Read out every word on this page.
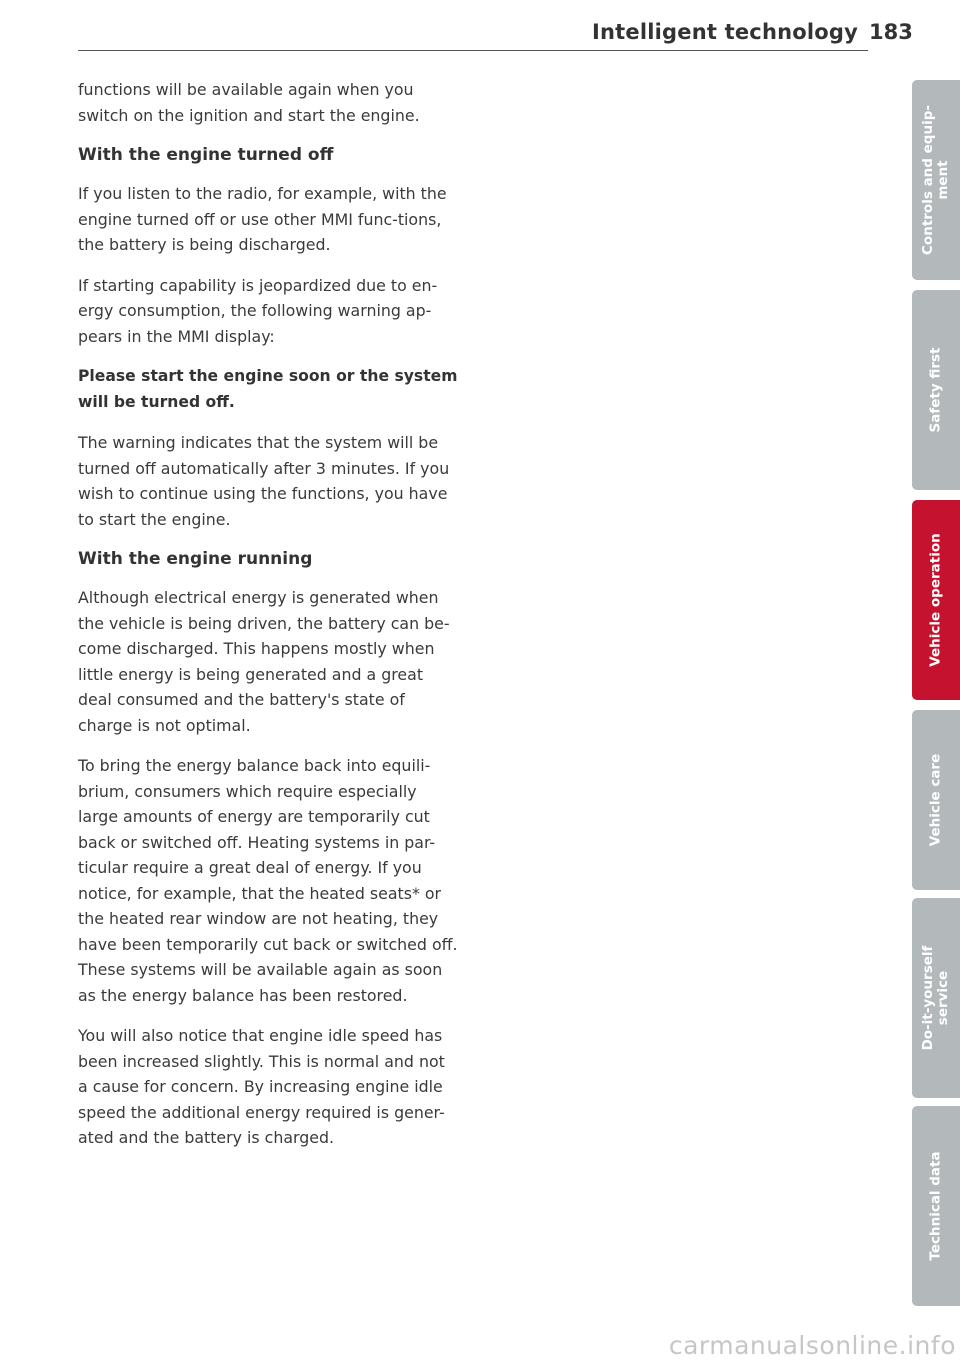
Intelligent technology 183

functions will be available again when you switch on the ignition and start the engine.

With the engine turned off

If you listen to the radio, for example, with the engine turned off or use other MMI func-tions, the battery is being discharged.

If starting capability is jeopardized due to en-ergy consumption, the following warning ap-pears in the MMI display:

Please start the engine soon or the system will be turned off.

The warning indicates that the system will be turned off automatically after 3 minutes. If you wish to continue using the functions, you have to start the engine.

With the engine running

Although electrical energy is generated when the vehicle is being driven, the battery can be-come discharged. This happens mostly when little energy is being generated and a great deal consumed and the battery's state of charge is not optimal.

To bring the energy balance back into equili-brium, consumers which require especially large amounts of energy are temporarily cut back or switched off. Heating systems in par-ticular require a great deal of energy. If you notice, for example, that the heated seats* or the heated rear window are not heating, they have been temporarily cut back or switched off. These systems will be available again as soon as the energy balance has been restored.

You will also notice that engine idle speed has been increased slightly. This is normal and not a cause for concern. By increasing engine idle speed the additional energy required is gener-ated and the battery is charged.

Controls and equip- ment
Safety first
Vehicle operation
Vehicle care
Do-it-yourself service
Technical data
carmanualsonline.info
